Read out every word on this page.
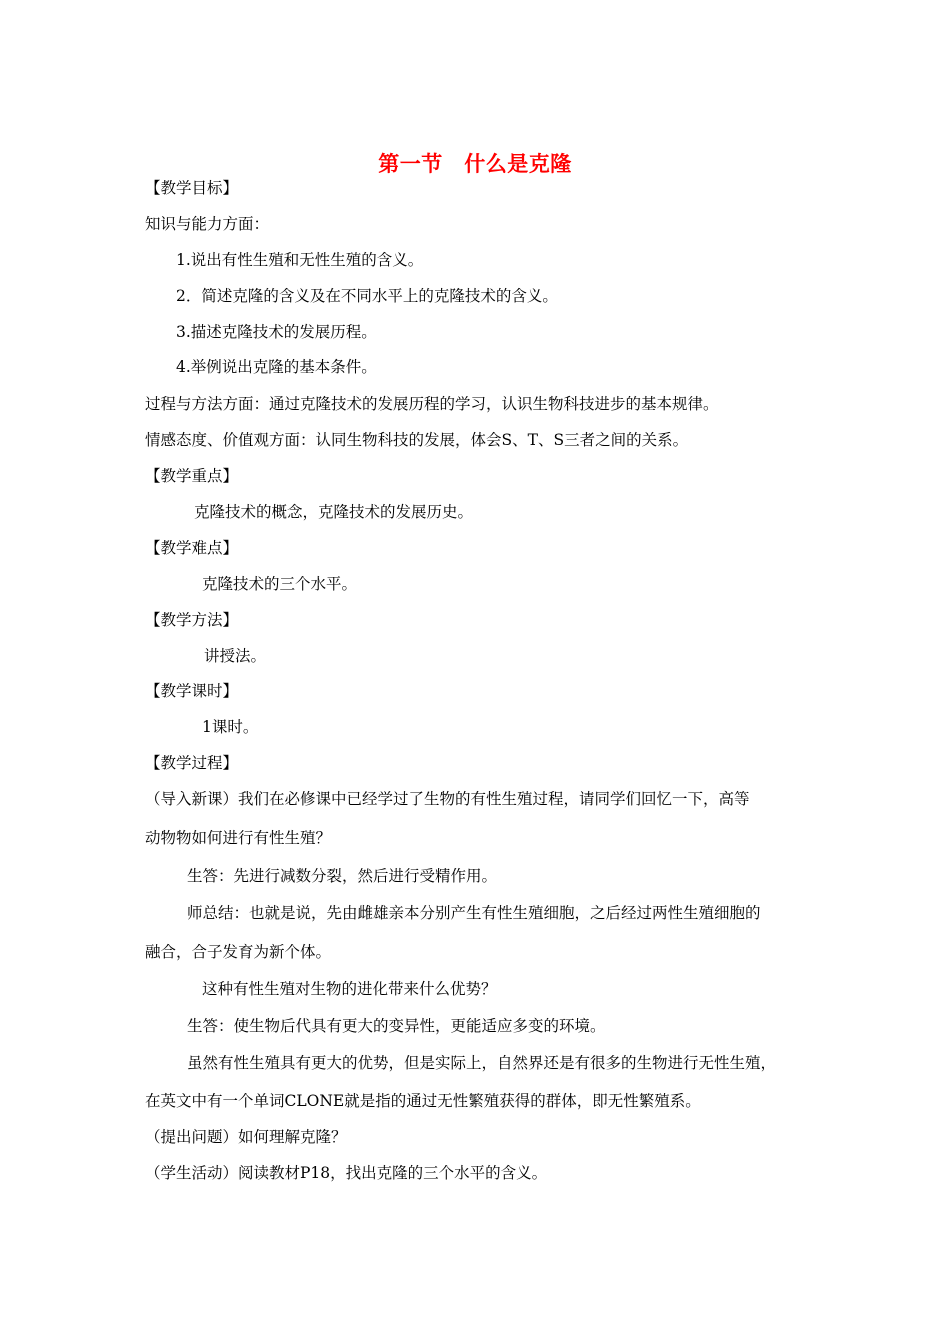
第一节　什么是克隆
【教学目标】
知识与能力方面：
1.说出有性生殖和无性生殖的含义。
2．简述克隆的含义及在不同水平上的克隆技术的含义。
3.描述克隆技术的发展历程。
4.举例说出克隆的基本条件。
过程与方法方面：通过克隆技术的发展历程的学习，认识生物科技进步的基本规律。
情感态度、价值观方面：认同生物科技的发展，体会S、T、S三者之间的关系。
【教学重点】
克隆技术的概念，克隆技术的发展历史。
【教学难点】
克隆技术的三个水平。
【教学方法】
讲授法。
【教学课时】
1课时。
【教学过程】
（导入新课）我们在必修课中已经学过了生物的有性生殖过程，请同学们回忆一下，高等
动物物如何进行有性生殖？
生答：先进行减数分裂，然后进行受精作用。
师总结：也就是说，先由雌雄亲本分别产生有性生殖细胞，之后经过两性生殖细胞的
融合，合子发育为新个体。
这种有性生殖对生物的进化带来什么优势？
生答：使生物后代具有更大的变异性，更能适应多变的环境。
虽然有性生殖具有更大的优势，但是实际上，自然界还是有很多的生物进行无性生殖，
在英文中有一个单词CLONE就是指的通过无性繁殖获得的群体，即无性繁殖系。
（提出问题）如何理解克隆？
（学生活动）阅读教材P18，找出克隆的三个水平的含义。
